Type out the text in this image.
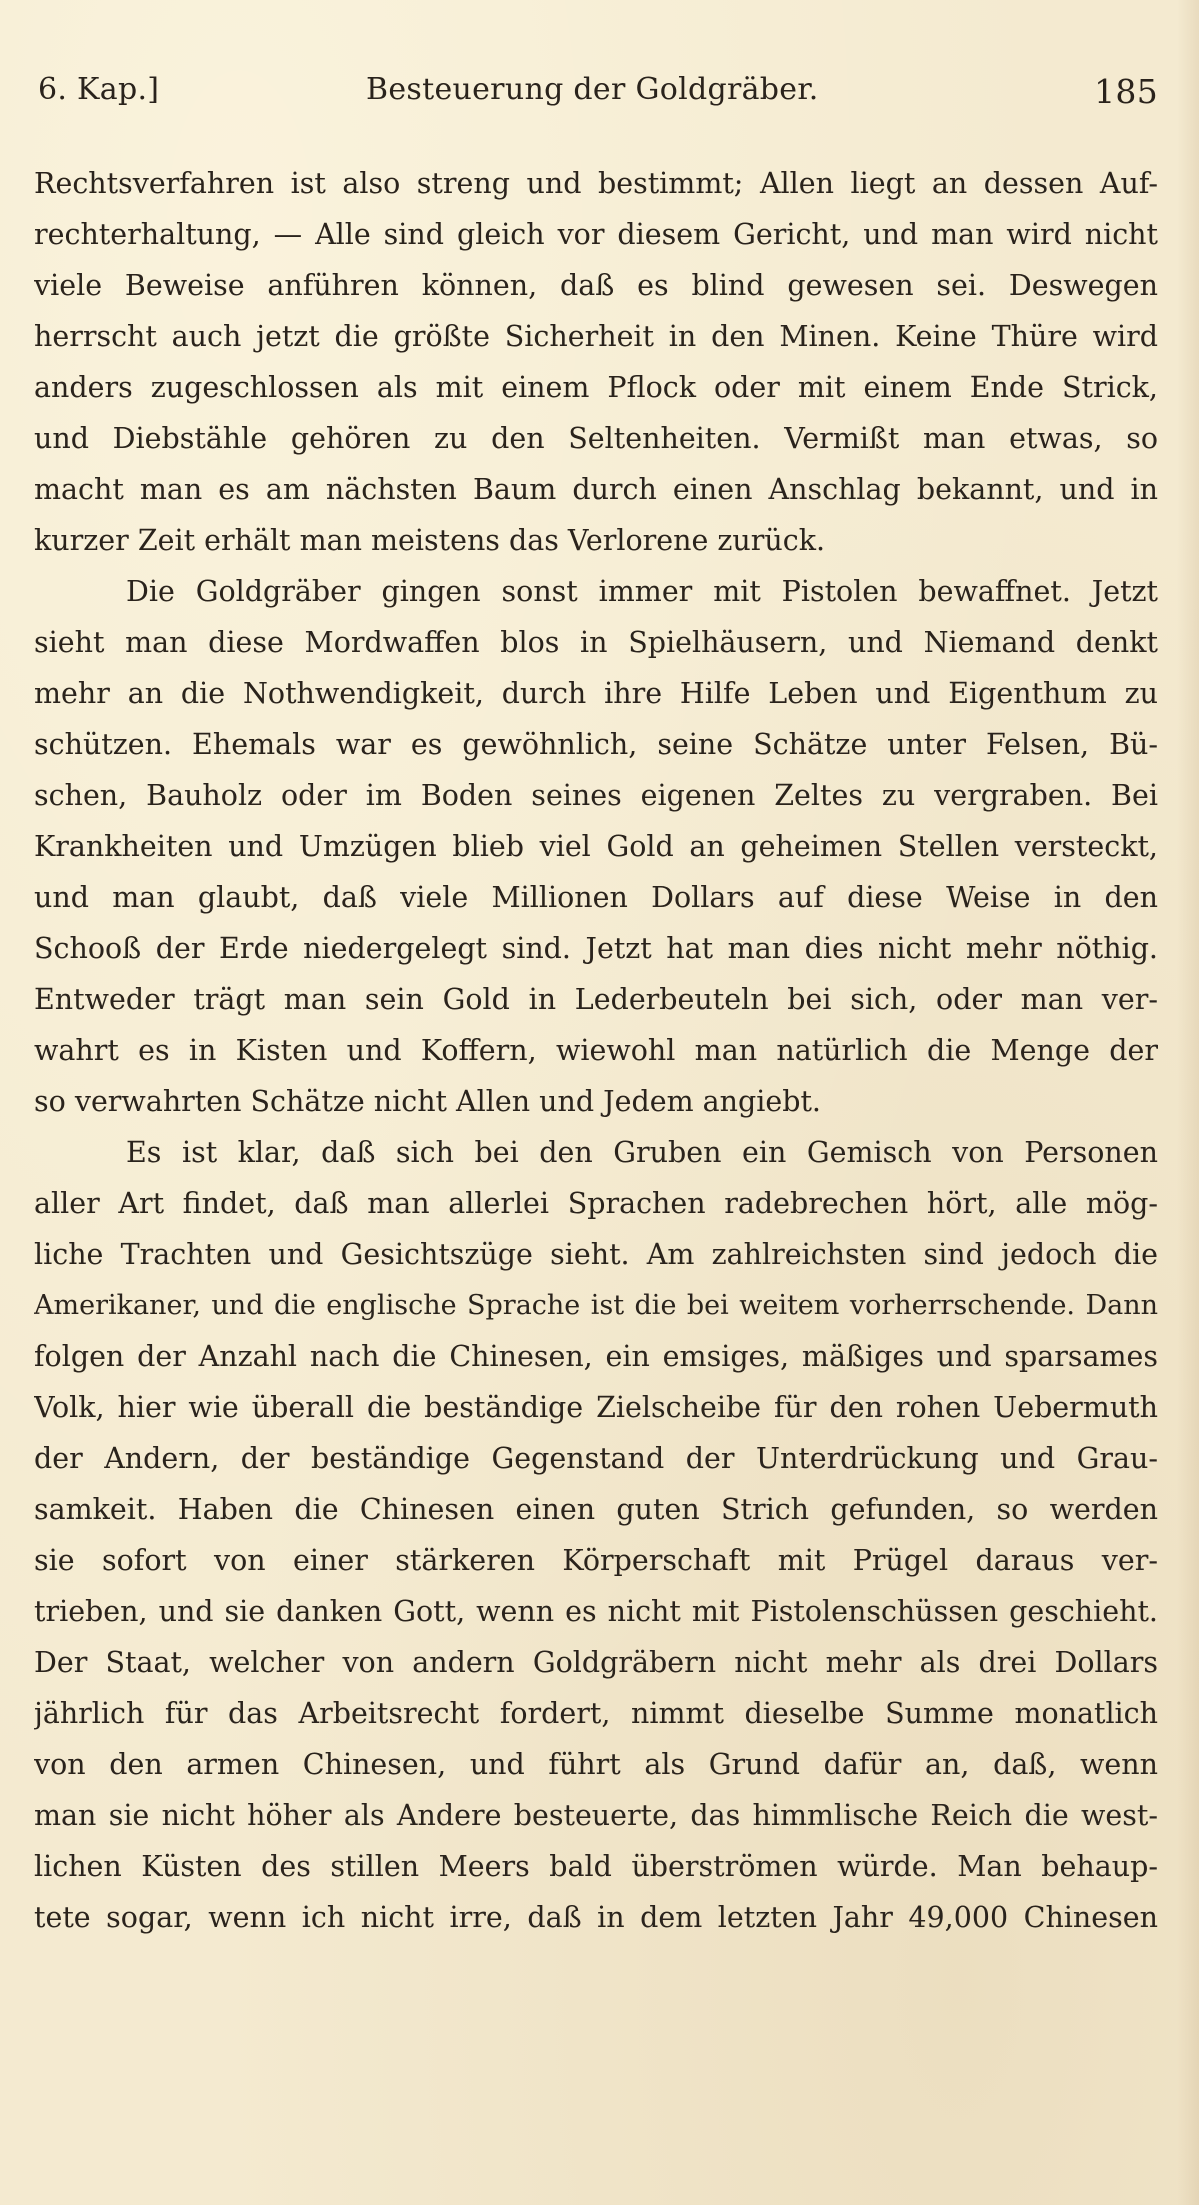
6. Kap.]	Besteuerung der Goldgräber.	185
Rechtsverfahren ist also streng und bestimmt; Allen liegt an dessen Auf-
rechterhaltung, — Alle sind gleich vor diesem Gericht, und man wird nicht
viele Beweise anführen können, daß es blind gewesen sei. Deswegen
herrscht auch jetzt die größte Sicherheit in den Minen. Keine Thüre wird
anders zugeschlossen als mit einem Pflock oder mit einem Ende Strick,
und Diebstähle gehören zu den Seltenheiten. Vermißt man etwas, so
macht man es am nächsten Baum durch einen Anschlag bekannt, und in
kurzer Zeit erhält man meistens das Verlorene zurück.
Die Goldgräber gingen sonst immer mit Pistolen bewaffnet. Jetzt
sieht man diese Mordwaffen blos in Spielhäusern, und Niemand denkt
mehr an die Nothwendigkeit, durch ihre Hilfe Leben und Eigenthum zu
schützen. Ehemals war es gewöhnlich, seine Schätze unter Felsen, Bü-
schen, Bauholz oder im Boden seines eigenen Zeltes zu vergraben. Bei
Krankheiten und Umzügen blieb viel Gold an geheimen Stellen versteckt,
und man glaubt, daß viele Millionen Dollars auf diese Weise in den
Schooß der Erde niedergelegt sind. Jetzt hat man dies nicht mehr nöthig.
Entweder trägt man sein Gold in Lederbeuteln bei sich, oder man ver-
wahrt es in Kisten und Koffern, wiewohl man natürlich die Menge der
so verwahrten Schätze nicht Allen und Jedem angiebt.
Es ist klar, daß sich bei den Gruben ein Gemisch von Personen
aller Art findet, daß man allerlei Sprachen radebrechen hört, alle mög-
liche Trachten und Gesichtszüge sieht. Am zahlreichsten sind jedoch die
Amerikaner, und die englische Sprache ist die bei weitem vorherrschende. Dann
folgen der Anzahl nach die Chinesen, ein emsiges, mäßiges und sparsames
Volk, hier wie überall die beständige Zielscheibe für den rohen Uebermuth
der Andern, der beständige Gegenstand der Unterdrückung und Grau-
samkeit. Haben die Chinesen einen guten Strich gefunden, so werden
sie sofort von einer stärkeren Körperschaft mit Prügel daraus ver-
trieben, und sie danken Gott, wenn es nicht mit Pistolenschüssen geschieht.
Der Staat, welcher von andern Goldgräbern nicht mehr als drei Dollars
jährlich für das Arbeitsrecht fordert, nimmt dieselbe Summe monatlich
von den armen Chinesen, und führt als Grund dafür an, daß, wenn
man sie nicht höher als Andere besteuerte, das himmlische Reich die west-
lichen Küsten des stillen Meers bald überströmen würde. Man behaup-
tete sogar, wenn ich nicht irre, daß in dem letzten Jahr 49,000 Chinesen
